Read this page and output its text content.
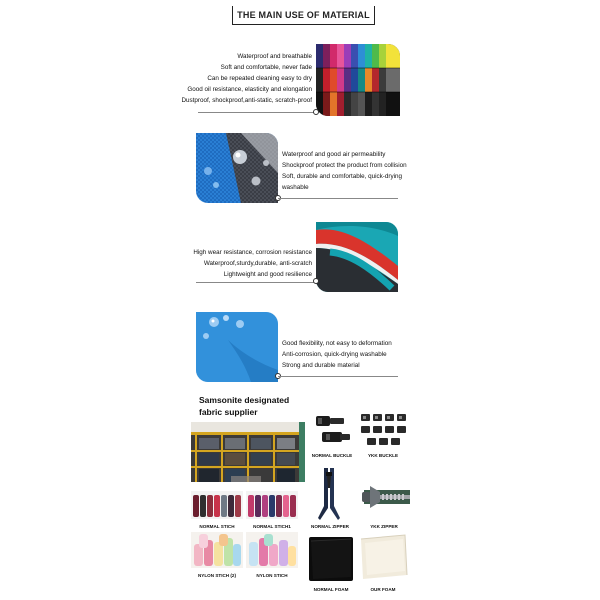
THE MAIN USE OF MATERIAL
Waterproof and breathable
Soft and comfortable, never fade
Can be repeated cleaning easy to dry
Good oil resistance, elasticity and elongation
Dustproof, shockproof,anti-static, scratch-proof
Waterproof and good air permeability
Shockproof protect the product from collision
Soft, durable and comfortable, quick-drying
washable
High wear resistance, corrosion resistance
Waterproof,sturdy,durable, anti-scratch
Lightweight and good resilience
Good flexibility, not easy to deformation
Anti-corrosion, quick-drying washable
Strong and durable material
Samsonite designated
fabric supplier
NORMAL BUCKLE	YKK BUCKLE
NORMAL STICH	NORMAL STICH1	NORMAL ZIPPER	YKK ZIPPER
NYLON STICH (2)	NYLON STICH
NORMAL FOAM	OUR FOAM
